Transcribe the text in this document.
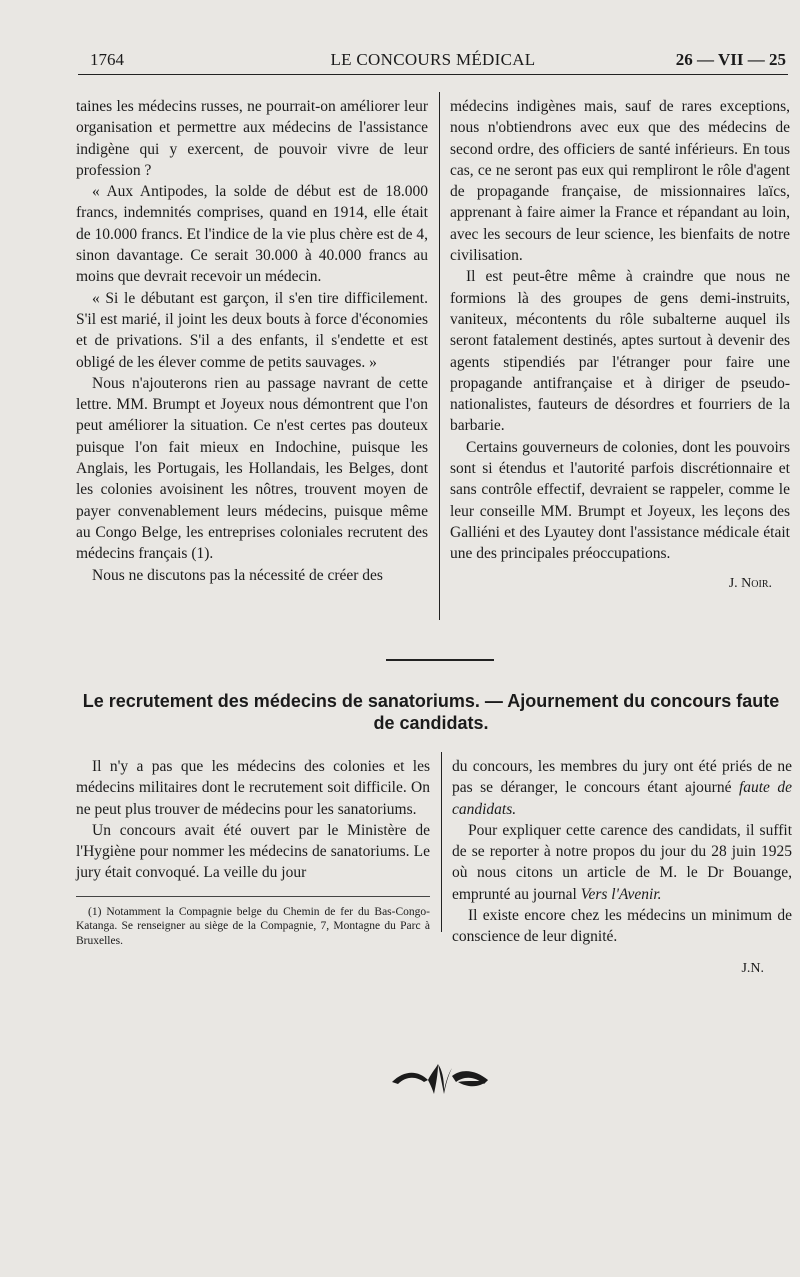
1764	LE CONCOURS MÉDICAL	26 — VII — 25

taines les médecins russes, ne pourrait-on améliorer leur organisation et permettre aux médecins de l'assistance indigène qui y exercent, de pouvoir vivre de leur profession ?

« Aux Antipodes, la solde de début est de 18.000 francs, indemnités comprises, quand en 1914, elle était de 10.000 francs. Et l'indice de la vie plus chère est de 4, sinon davantage. Ce serait 30.000 à 40.000 francs au moins que devrait recevoir un médecin.

« Si le débutant est garçon, il s'en tire difficilement. S'il est marié, il joint les deux bouts à force d'économies et de privations. S'il a des enfants, il s'endette et est obligé de les élever comme de petits sauvages. »

Nous n'ajouterons rien au passage navrant de cette lettre. MM. Brumpt et Joyeux nous démontrent que l'on peut améliorer la situation. Ce n'est certes pas douteux puisque l'on fait mieux en Indochine, puisque les Anglais, les Portugais, les Hollandais, les Belges, dont les colonies avoisinent les nôtres, trouvent moyen de payer convenablement leurs médecins, puisque même au Congo Belge, les entreprises coloniales recrutent des médecins français (1).

Nous ne discutons pas la nécessité de créer des

médecins indigènes mais, sauf de rares exceptions, nous n'obtiendrons avec eux que des médecins de second ordre, des officiers de santé inférieurs. En tous cas, ce ne seront pas eux qui rempliront le rôle d'agent de propagande française, de missionnaires laïcs, apprenant à faire aimer la France et répandant au loin, avec les secours de leur science, les bienfaits de notre civilisation.

Il est peut-être même à craindre que nous ne formions là des groupes de gens demi-instruits, vaniteux, mécontents du rôle subalterne auquel ils seront fatalement destinés, aptes surtout à devenir des agents stipendiés par l'étranger pour faire une propagande antifrançaise et à diriger de pseudo-nationalistes, fauteurs de désordres et fourriers de la barbarie.

Certains gouverneurs de colonies, dont les pouvoirs sont si étendus et l'autorité parfois discrétionnaire et sans contrôle effectif, devraient se rappeler, comme le leur conseille MM. Brumpt et Joyeux, les leçons des Galliéni et des Lyautey dont l'assistance médicale était une des principales préoccupations.

J. Noir.
Le recrutement des médecins de sanatoriums. — Ajournement du concours faute de candidats.

Il n'y a pas que les médecins des colonies et les médecins militaires dont le recrutement soit difficile. On ne peut plus trouver de médecins pour les sanatoriums.

Un concours avait été ouvert par le Ministère de l'Hygiène pour nommer les médecins de sanatoriums. Le jury était convoqué. La veille du jour

(1) Notamment la Compagnie belge du Chemin de fer du Bas-Congo-Katanga. Se renseigner au siège de la Compagnie, 7, Montagne du Parc à Bruxelles.

du concours, les membres du jury ont été priés de ne pas se déranger, le concours étant ajourné faute de candidats.

Pour expliquer cette carence des candidats, il suffit de se reporter à notre propos du jour du 28 juin 1925 où nous citons un article de M. le Dr Bouange, emprunté au journal Vers l'Avenir.

Il existe encore chez les médecins un minimum de conscience de leur dignité.

J.N.
